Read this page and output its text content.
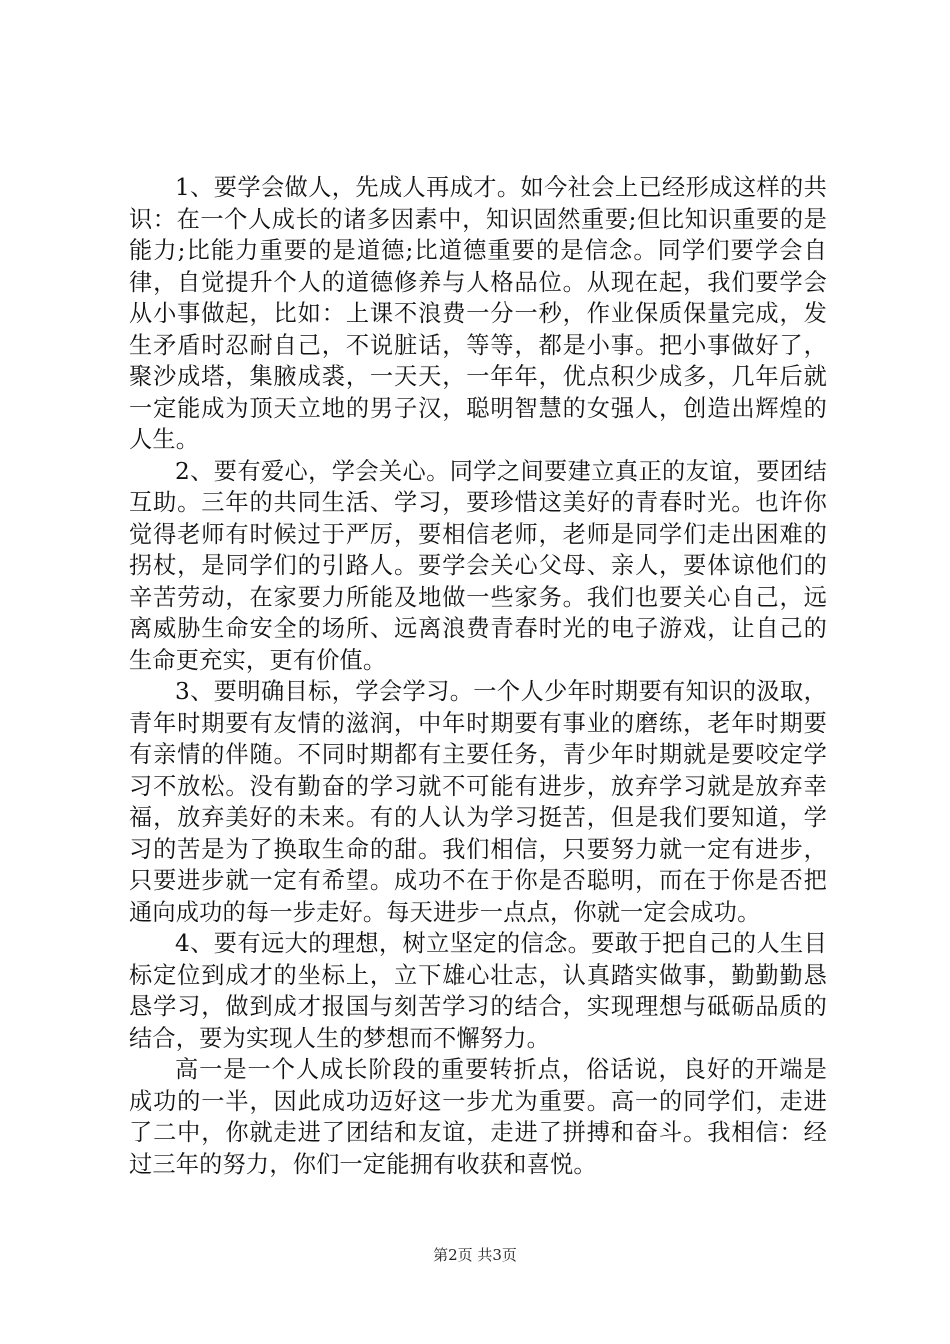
1、要学会做人，先成人再成才。如今社会上已经形成这样的共识：在一个人成长的诸多因素中，知识固然重要;但比知识重要的是能力;比能力重要的是道德;比道德重要的是信念。同学们要学会自律，自觉提升个人的道德修养与人格品位。从现在起，我们要学会从小事做起，比如：上课不浪费一分一秒，作业保质保量完成，发生矛盾时忍耐自己，不说脏话，等等，都是小事。把小事做好了，聚沙成塔，集腋成裘，一天天，一年年，优点积少成多，几年后就一定能成为顶天立地的男子汉，聪明智慧的女强人，创造出辉煌的人生。

2、要有爱心，学会关心。同学之间要建立真正的友谊，要团结互助。三年的共同生活、学习，要珍惜这美好的青春时光。也许你觉得老师有时候过于严厉，要相信老师，老师是同学们走出困难的拐杖，是同学们的引路人。要学会关心父母、亲人，要体谅他们的辛苦劳动，在家要力所能及地做一些家务。我们也要关心自己，远离威胁生命安全的场所、远离浪费青春时光的电子游戏，让自己的生命更充实，更有价值。

3、要明确目标，学会学习。一个人少年时期要有知识的汲取，青年时期要有友情的滋润，中年时期要有事业的磨练，老年时期要有亲情的伴随。不同时期都有主要任务，青少年时期就是要咬定学习不放松。没有勤奋的学习就不可能有进步，放弃学习就是放弃幸福，放弃美好的未来。有的人认为学习挺苦，但是我们要知道，学习的苦是为了换取生命的甜。我们相信，只要努力就一定有进步，只要进步就一定有希望。成功不在于你是否聪明，而在于你是否把通向成功的每一步走好。每天进步一点点，你就一定会成功。

4、要有远大的理想，树立坚定的信念。要敢于把自己的人生目标定位到成才的坐标上，立下雄心壮志，认真踏实做事，勤勤勤恳恳学习，做到成才报国与刻苦学习的结合，实现理想与砥砺品质的结合，要为实现人生的梦想而不懈努力。

高一是一个人成长阶段的重要转折点，俗话说，良好的开端是成功的一半，因此成功迈好这一步尤为重要。高一的同学们，走进了二中，你就走进了团结和友谊，走进了拼搏和奋斗。我相信：经过三年的努力，你们一定能拥有收获和喜悦。

第2页 共3页
